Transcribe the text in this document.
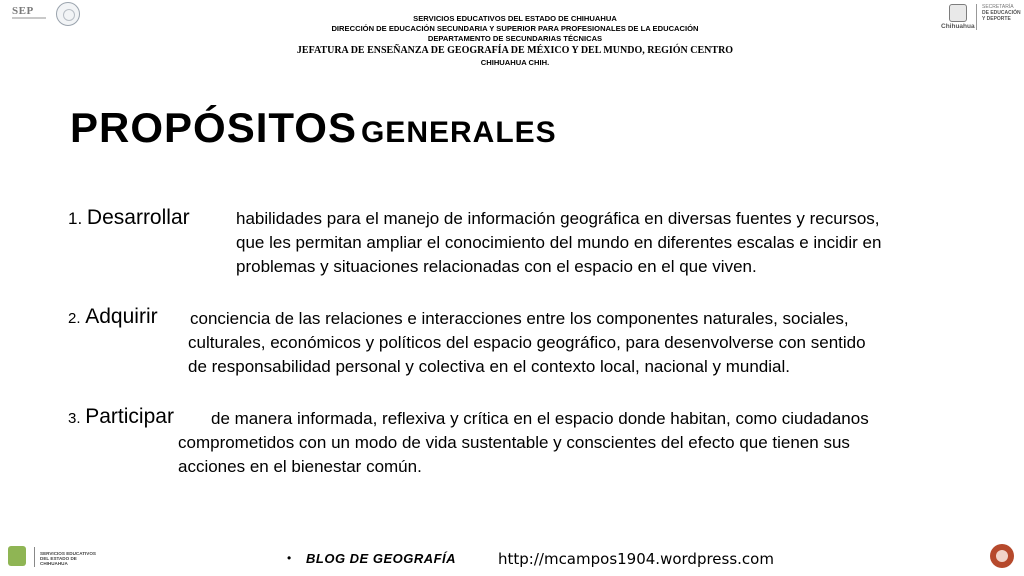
SEP
SERVICIOS EDUCATIVOS DEL ESTADO DE CHIHUAHUA
DIRECCIÓN DE EDUCACIÓN SECUNDARIA Y SUPERIOR PARA PROFESIONALES DE LA EDUCACIÓN
DEPARTAMENTO DE SECUNDARIAS TÉCNICAS
JEFATURA DE ENSEÑANZA DE GEOGRAFÍA DE MÉXICO Y DEL MUNDO, REGIÓN CENTRO
CHIHUAHUA CHIH.
Chihuahua
SECRETARÍA
DE EDUCACIÓN
Y DEPORTE
PROPÓSITOS GENERALES
1. Desarrollar	habilidades para el manejo de información geográfica en diversas fuentes y recursos,
que les permitan ampliar el conocimiento del mundo en diferentes escalas e incidir en
problemas y situaciones relacionadas con el espacio en el que viven.
2. Adquirir conciencia de las relaciones e interacciones entre los componentes naturales, sociales,
culturales, económicos y políticos del espacio geográfico, para desenvolverse con sentido
de responsabilidad personal y colectiva en el contexto local, nacional y mundial.
3. Participar de manera informada, reflexiva y crítica en el espacio donde habitan, como ciudadanos
comprometidos con un modo de vida sustentable y conscientes del efecto que tienen sus
acciones en el bienestar común.
SERVICIOS EDUCATIVOS
DEL ESTADO DE
CHIHUAHUA	• BLOG DE GEOGRAFÍA	http://mcampos1904.wordpress.com
